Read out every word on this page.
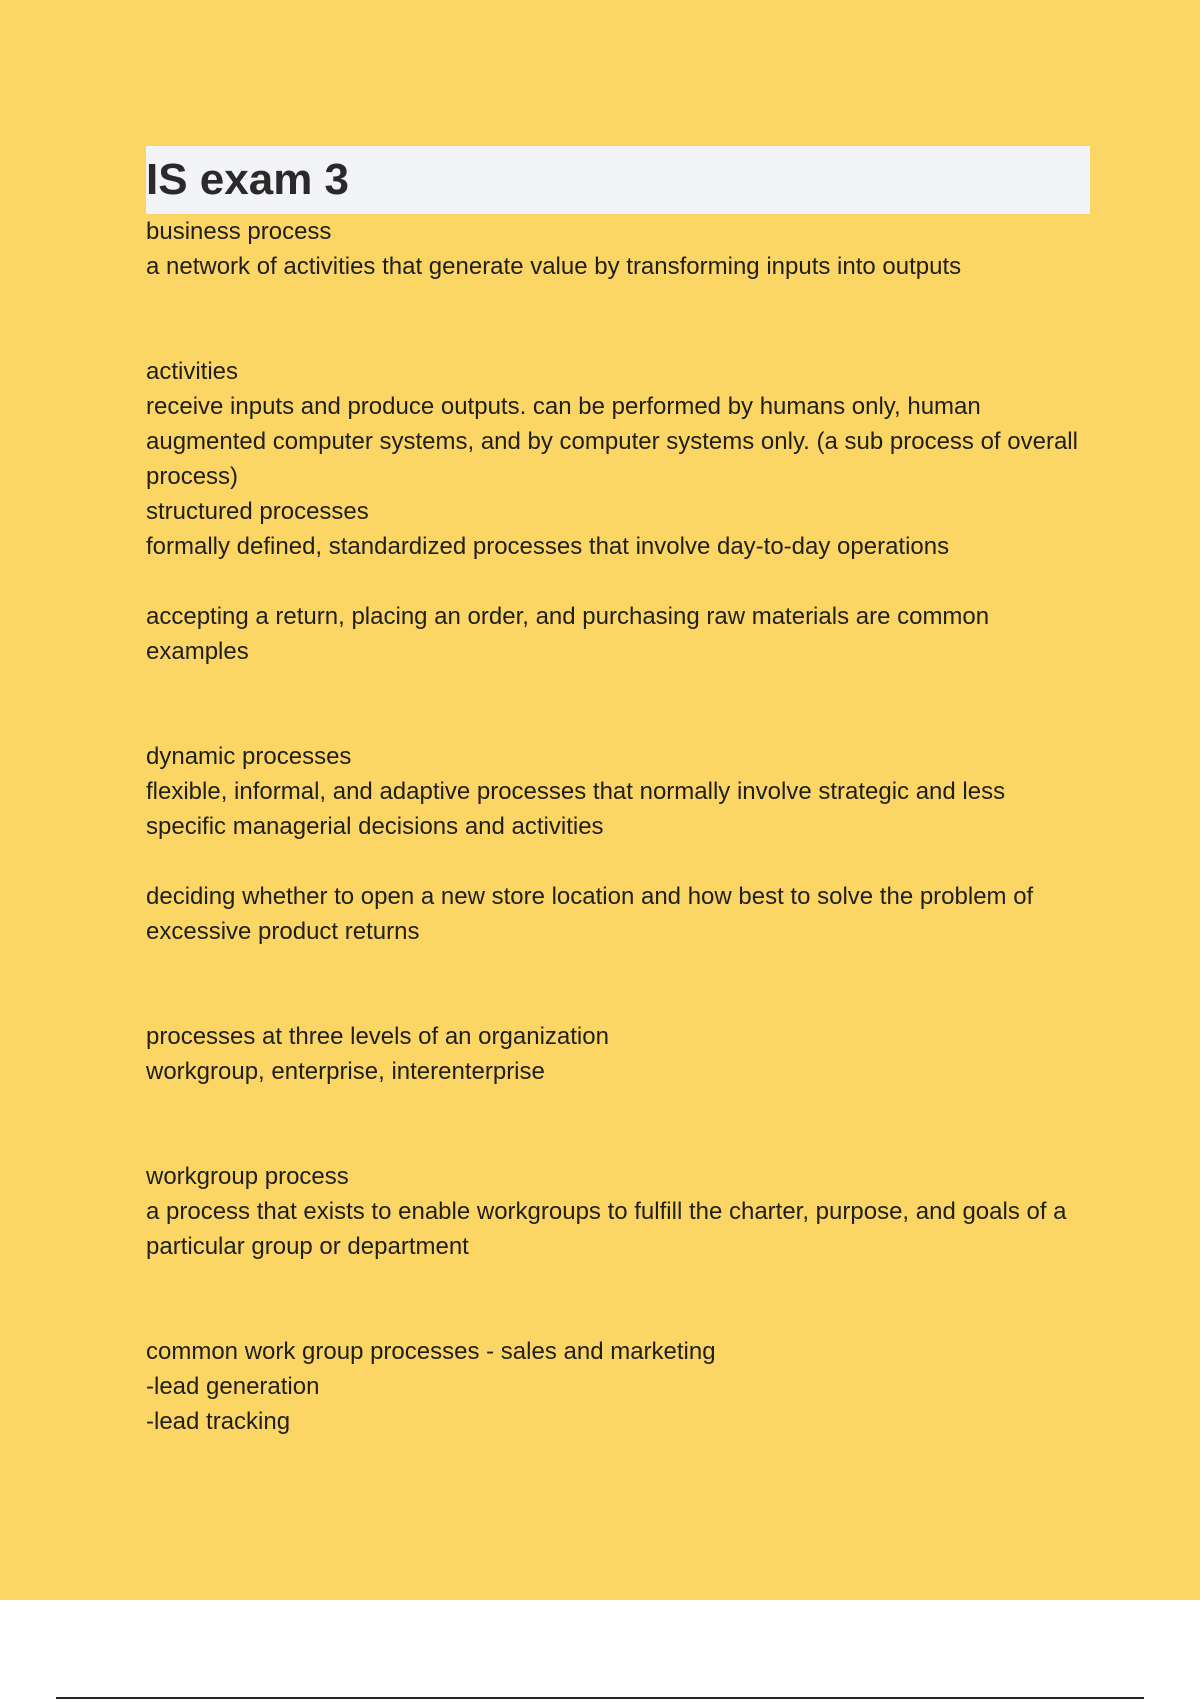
IS exam 3

business process

a network of activities that generate value by transforming inputs into outputs

activities

receive inputs and produce outputs. can be performed by humans only, human augmented computer systems, and by computer systems only. (a sub process of overall process)

structured processes

formally defined, standardized processes that involve day-to-day operations

accepting a return, placing an order, and purchasing raw materials are common examples

dynamic processes

flexible, informal, and adaptive processes that normally involve strategic and less specific managerial decisions and activities

deciding whether to open a new store location and how best to solve the problem of excessive product returns

processes at three levels of an organization

workgroup, enterprise, interenterprise

workgroup process

a process that exists to enable workgroups to fulfill the charter, purpose, and goals of a particular group or department

common work group processes - sales and marketing

-lead generation

-lead tracking
